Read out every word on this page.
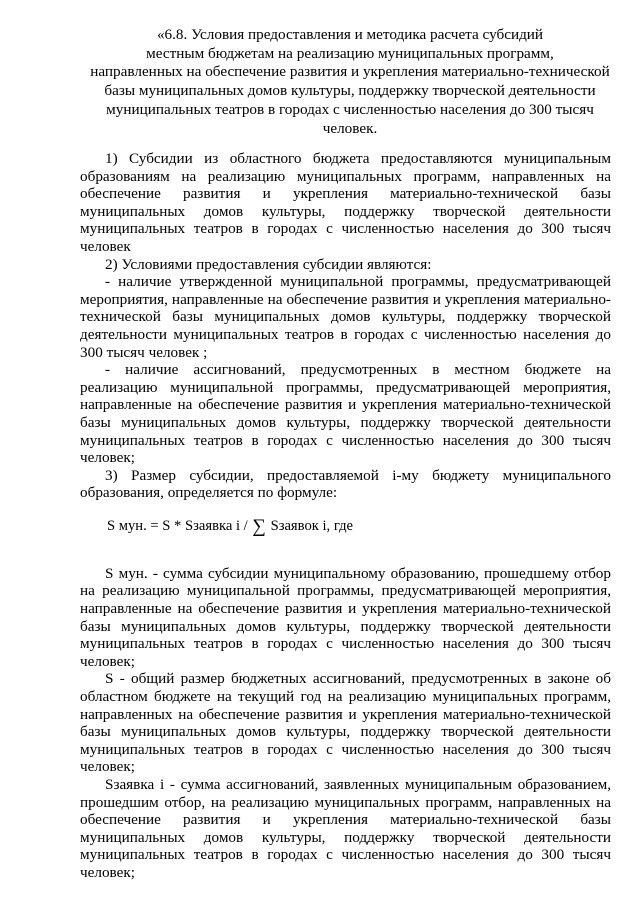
«6.8. Условия предоставления и методика расчета субсидий
местным бюджетам на реализацию муниципальных программ,
направленных на обеспечение развития и укрепления материально-технической
базы муниципальных домов культуры, поддержку творческой деятельности
муниципальных театров в городах с численностью населения до 300 тысяч
человек.

1) Субсидии из областного бюджета предоставляются муниципальным образованиям на реализацию муниципальных программ, направленных на обеспечение развития и укрепления материально-технической базы муниципальных домов культуры, поддержку творческой деятельности муниципальных театров в городах с численностью населения до 300 тысяч человек

2) Условиями предоставления субсидии являются:

- наличие утвержденной муниципальной программы, предусматривающей мероприятия, направленные на обеспечение развития и укрепления материально-технической базы муниципальных домов культуры, поддержку творческой деятельности муниципальных театров в городах с численностью населения до 300 тысяч человек ;

- наличие ассигнований, предусмотренных в местном бюджете на реализацию муниципальной программы, предусматривающей мероприятия, направленные на обеспечение развития и укрепления материально-технической базы муниципальных домов культуры, поддержку творческой деятельности муниципальных театров в городах с численностью населения до 300 тысяч человек;

3) Размер субсидии, предоставляемой i-му бюджету муниципального образования, определяется по формуле:

S мун. = S * Sзаявка i / ∑ Sзаявок i, где

S мун. - сумма субсидии муниципальному образованию, прошедшему отбор на реализацию муниципальной программы, предусматривающей мероприятия, направленные на обеспечение развития и укрепления материально-технической базы муниципальных домов культуры, поддержку творческой деятельности муниципальных театров в городах с численностью населения до 300 тысяч человек;

S - общий размер бюджетных ассигнований, предусмотренных в законе об областном бюджете на текущий год на реализацию муниципальных программ, направленных на обеспечение развития и укрепления материально-технической базы муниципальных домов культуры, поддержку творческой деятельности муниципальных театров в городах с численностью населения до 300 тысяч человек;

Sзаявка i - сумма ассигнований, заявленных муниципальным образованием, прошедшим отбор, на реализацию муниципальных программ, направленных на обеспечение развития и укрепления материально-технической базы муниципальных домов культуры, поддержку творческой деятельности муниципальных театров в городах с численностью населения до 300 тысяч человек;
